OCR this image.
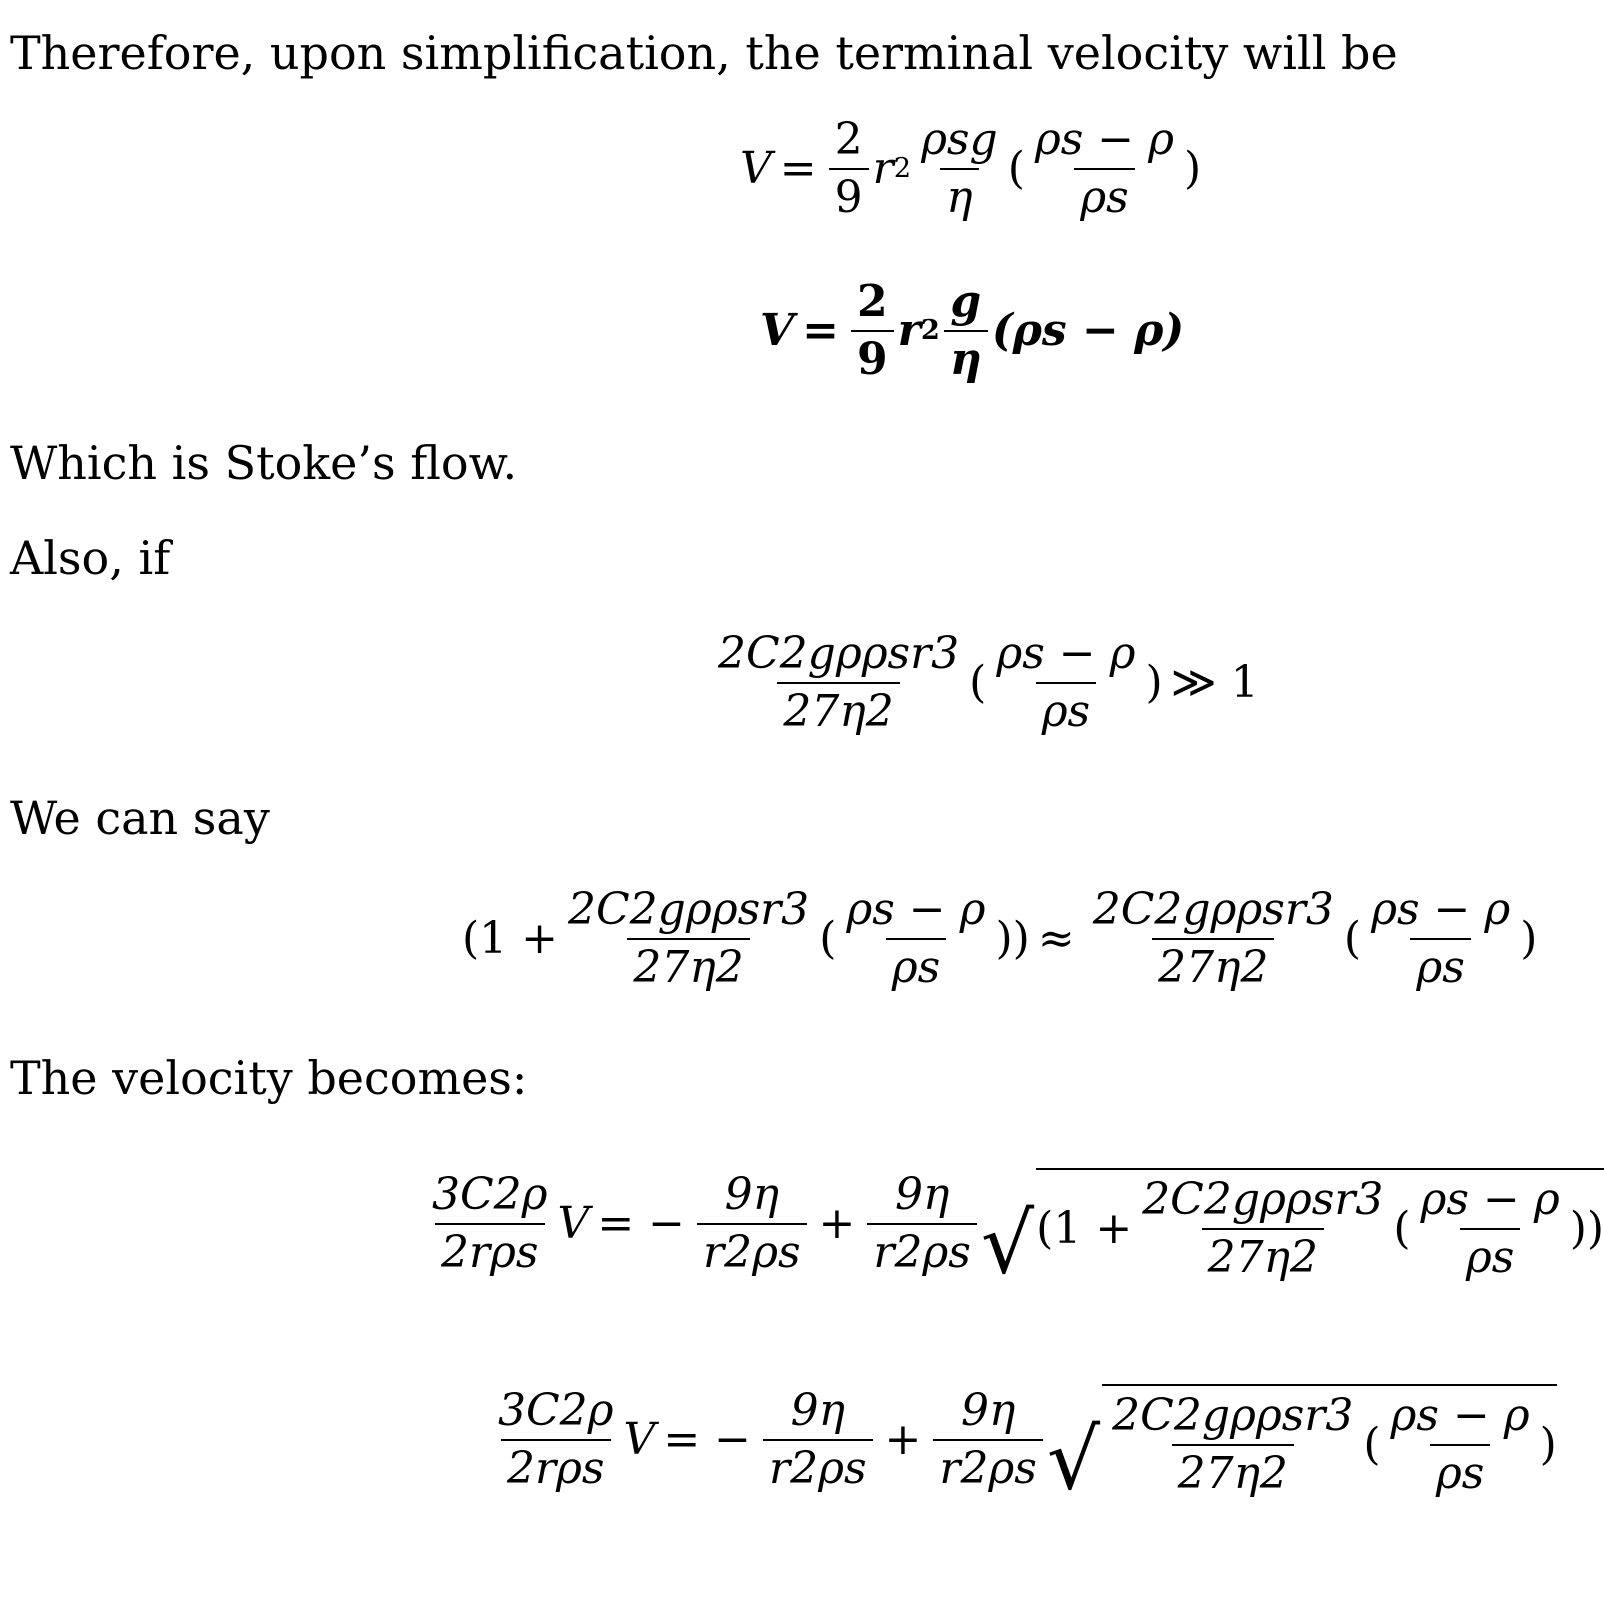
Therefore, upon simplification, the terminal velocity will be
$V = \frac{2}{9}$ r $2 \frac{\text{ρsg}}{\eta}$ ( $\frac{\rho s - \rho}{\rho s}$ )
$V = \frac{2}{9}$ r $2 \frac{g}{\eta} (\rho s - \rho)$
Which is Stoke’s flow.
Also, if
$\frac{\text{2C2gρρsr3}}{27\eta 2}$ ( $\frac{\rho s - \rho}{\rho s}$ ) ≫ 1
We can say
($1 + \frac{\text{2C2gρρsr3}}{27\eta 2}$ ( $\frac{\rho s - \rho}{\rho s}$ )) ≈ $\frac{\text{2C2gρρsr3}}{27\eta 2}$ ( $\frac{\rho s - \rho}{\rho s}$ )
The velocity becomes:
$\frac{3C2\rho}{\text{2rρs}}$ V = − $\frac{9\eta}{r2\rho s} + \frac{9\eta}{r2\rho s}$ √ ($1 + \frac{\text{2C2gρρsr3}}{27\eta 2}$ ( $\frac{\rho s - \rho}{\rho s}$ ))
$\frac{3C2\rho}{\text{2rρs}}$ V = − $\frac{9\eta}{r2\rho s} + \frac{9\eta}{r2\rho s}$ √ $\frac{\text{2C2gρρsr3}}{27\eta 2}$ ( $\frac{\rho s - \rho}{\rho s}$ )
